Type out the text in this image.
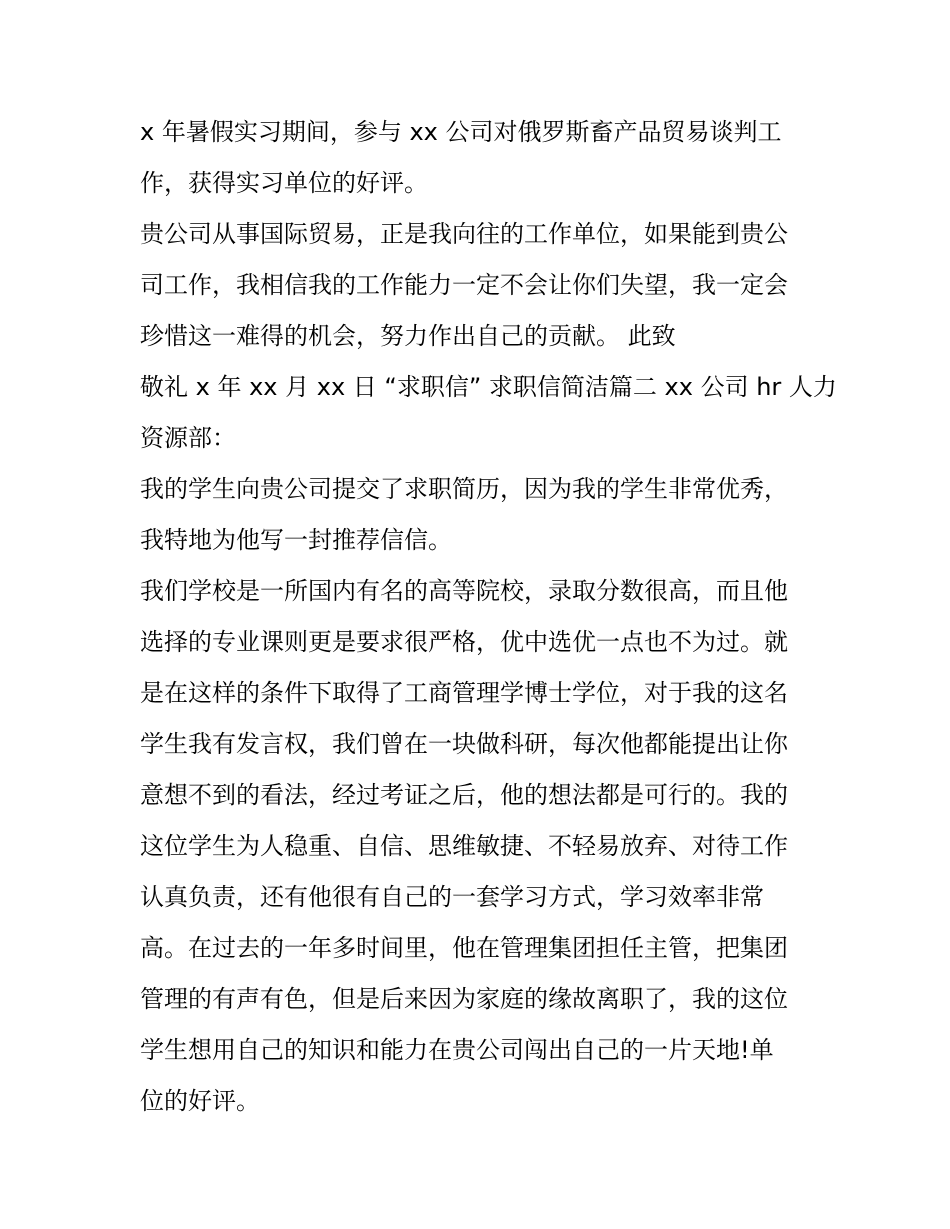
x 年暑假实习期间，参与 xx 公司对俄罗斯畜产品贸易谈判工
作，获得实习单位的好评。
贵公司从事国际贸易，正是我向往的工作单位，如果能到贵公
司工作，我相信我的工作能力一定不会让你们失望，我一定会
珍惜这一难得的机会，努力作出自己的贡献。 此致
敬礼 x 年 xx 月 xx 日 “求职信” 求职信简洁篇二 xx 公司 hr 人力
资源部：
我的学生向贵公司提交了求职简历，因为我的学生非常优秀，
我特地为他写一封推荐信信。
我们学校是一所国内有名的高等院校，录取分数很高，而且他
选择的专业课则更是要求很严格，优中选优一点也不为过。就
是在这样的条件下取得了工商管理学博士学位，对于我的这名
学生我有发言权，我们曾在一块做科研，每次他都能提出让你
意想不到的看法，经过考证之后，他的想法都是可行的。我的
这位学生为人稳重、自信、思维敏捷、不轻易放弃、对待工作
认真负责，还有他很有自己的一套学习方式，学习效率非常
高。在过去的一年多时间里，他在管理集团担任主管，把集团
管理的有声有色，但是后来因为家庭的缘故离职了，我的这位
学生想用自己的知识和能力在贵公司闯出自己的一片天地!单
位的好评。
